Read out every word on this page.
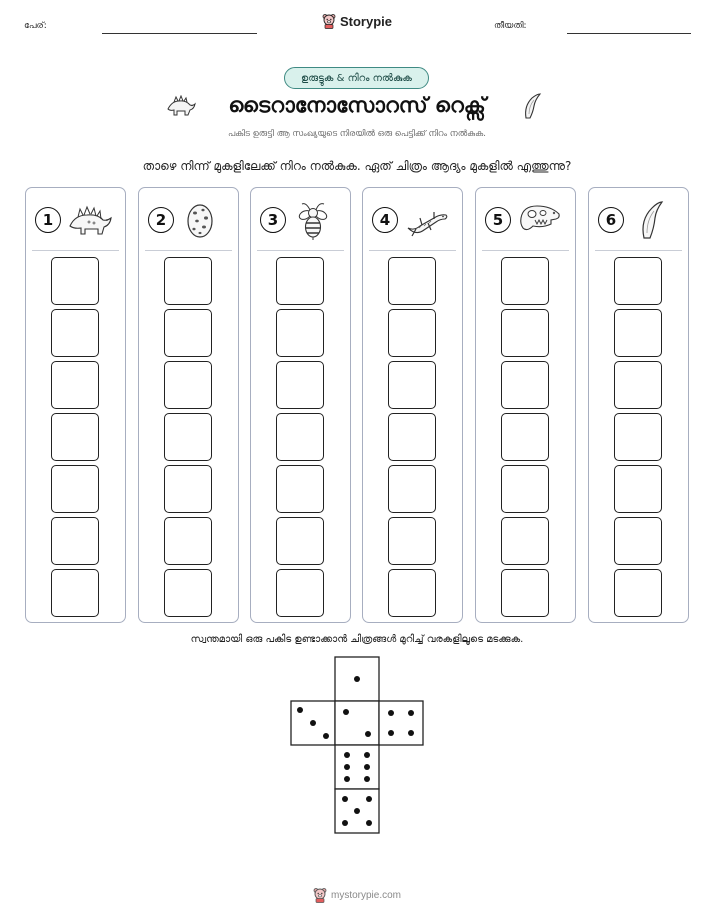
പേര്:	തീയതി:
Storypie
ഉരുട്ടുക & നിറം നൽകുക
ടൈറാനോസോറസ് റെക്സ്
പകിട ഉരുട്ടി ആ സംഖ്യയുടെ നിരയിൽ ഒരു പെട്ടിക്ക് നിറം നൽകുക.
താഴെ നിന്ന് മുകളിലേക്ക് നിറം നൽകുക. ഏത് ചിത്രം ആദ്യം മുകളിൽ എത്തുന്നു?
1	2	3	4	5	6
സ്വന്തമായി ഒരു പകിട ഉണ്ടാക്കാൻ ചിത്രങ്ങൾ മുറിച്ച് വരകളിലൂടെ മടക്കുക.
mystorypie.com
